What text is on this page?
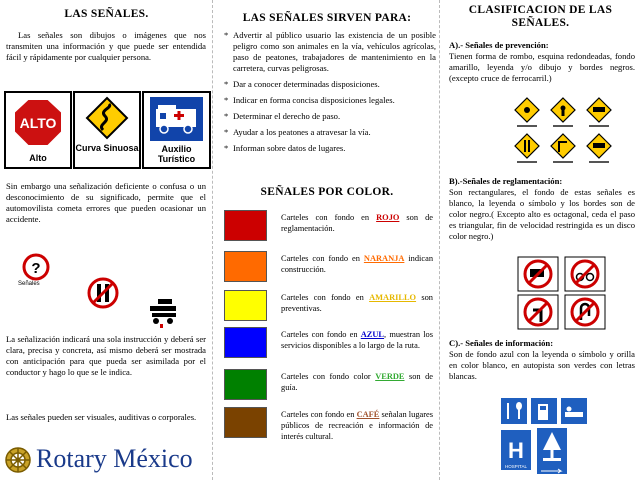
LAS SEÑALES.
Las señales son dibujos o imágenes que nos transmiten una información y que puede ser entendida fácil y rápidamente por cualquier persona.
ALTO
Alto
Curva Sinuosa	Auxilio Turístico
Sin embargo una señalización deficiente o confusa o un desconocimiento de su significado, permite que el automovilista cometa errores que pueden ocasionar un accidente.
?
Señales
La señalización indicará una sola instrucción y deberá ser clara, precisa y concreta, así mismo deberá ser mostrada con anticipación para que pueda ser asimilada por el conductor y hago lo que se le indica.
Las señales pueden ser visuales, auditivas o corporales.
Rotary México
LAS SEÑALES SIRVEN PARA:
* Advertir al público usuario las existencia de un posible peligro como son animales en la vía, vehículos agrícolas, paso de peatones, trabajadores de mantenimiento en la carretera, curvas peligrosas.
* Dar a conocer determinadas disposiciones.
* Indicar en forma concisa disposiciones legales.
* Determinar el derecho de paso.
* Ayudar a los peatones a atravesar la vía.
* Informan sobre datos de lugares.
SEÑALES POR COLOR.
Carteles con fondo en ROJO son de reglamentación.
Carteles con fondo en NARANJA indican construcción.
Carteles con fondo en AMARILLO son preventivas.
Carteles con fondo en AZUL, muestran los servicios disponibles a lo largo de la ruta.
Carteles con fondo color VERDE son de guía.
Carteles con fondo en CAFÉ señalan lugares públicos de recreación e información de interés cultural.
CLASIFICACION DE LAS SEÑALES.
A).- Señales de prevención:
Tienen forma de rombo, esquina redondeadas, fondo amarillo, leyenda y/o dibujo y bordes negros. (excepto cruce de ferrocarril.)
B).-Señales de reglamentación:
Son rectangulares, el fondo de estas señales es blanco, la leyenda o símbolo y los bordes son de color negro.( Excepto alto es octagonal, ceda el paso es triangular, fin de velocidad restringida es un disco color negro.)
C).- Señales de información:
Son de fondo azul con la leyenda o símbolo y orilla en color blanco, en autopista son verdes con letras blancas.
H
HOSPITAL
